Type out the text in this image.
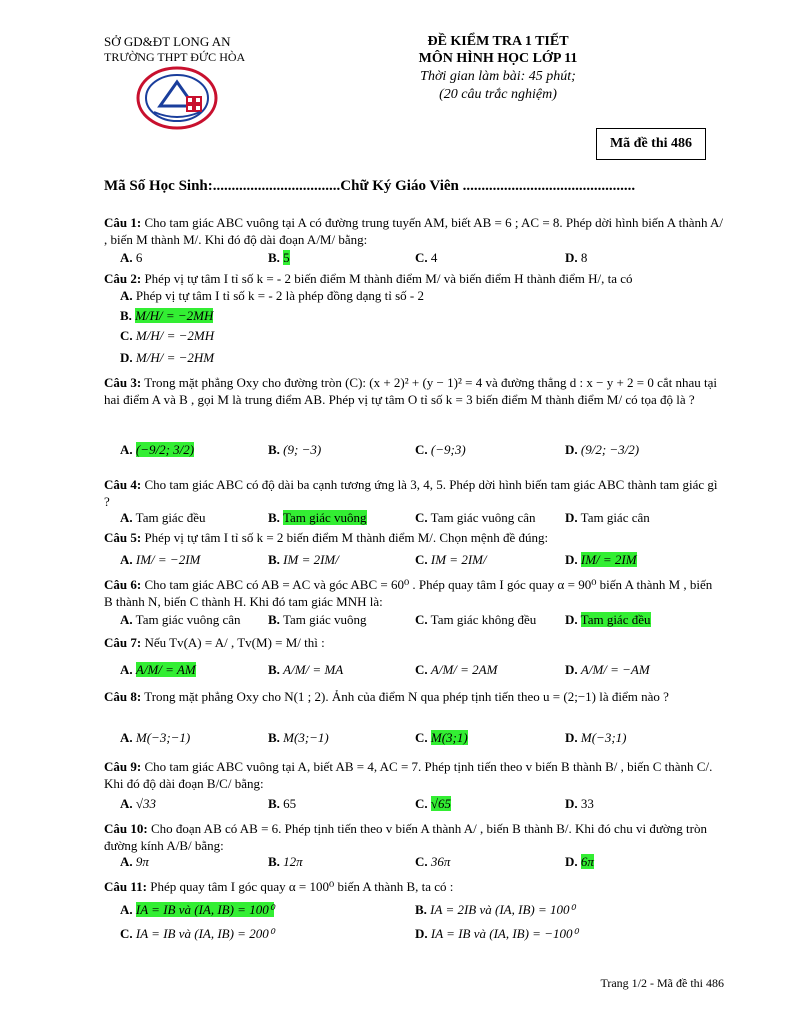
SỞ GD&ĐT LONG AN
TRƯỜNG THPT ĐỨC HÒA
ĐỀ KIỂM TRA 1 TIẾT
MÔN HÌNH HỌC LỚP 11
Thời gian làm bài: 45 phút;
(20 câu trắc nghiệm)
Mã đề thi 486
Mã Số Học Sinh:..................................Chữ Ký Giáo Viên ..............................................
Câu 1: Cho tam giác ABC vuông tại A có đường trung tuyến AM, biết AB = 6 ; AC = 8. Phép dời hình biến A thành A/ , biến M thành M/. Khi đó độ dài đoạn A/M/ bằng:
A. 6	B. 5	C. 4	D. 8
Câu 2: Phép vị tự tâm I tỉ số k = - 2 biến điểm M thành điểm M/ và biến điểm H thành điểm H/, ta có
A. Phép vị tự tâm I tỉ số k = - 2 là phép đồng dạng tỉ số - 2
B. M/H/ = −2MH
C. M/H/ = −2MH
D. M/H/ = −2HM
Câu 3: Trong mặt phẳng Oxy cho đường tròn (C): (x + 2)² + (y − 1)² = 4 và đường thẳng d : x − y + 2 = 0 cắt nhau tại hai điểm A và B , gọi M là trung điểm AB. Phép vị tự tâm O tỉ số k = 3 biến điểm M thành điểm M/ có tọa độ là ?
A. (−9/2; 3/2)	B. (9; −3)	C. (−9;3)	D. (9/2; −3/2)
Câu 4: Cho tam giác ABC có độ dài ba cạnh tương ứng là 3, 4, 5. Phép dời hình biến tam giác ABC thành tam giác gì ?
A. Tam giác đều	B. Tam giác vuông	C. Tam giác vuông cân D. Tam giác cân
Câu 5: Phép vị tự tâm I tỉ số k = 2 biến điểm M thành điểm M/. Chọn mệnh đề đúng:
A. IM/ = −2IM	B. IM = 2IM/	C. IM = 2IM/	D. IM/ = 2IM
Câu 6: Cho tam giác ABC có AB = AC và góc ABC = 60⁰ . Phép quay tâm I góc quay α = 90⁰ biến A thành M , biến B thành N, biến C thành H. Khi đó tam giác MNH là:
A. Tam giác vuông cân B. Tam giác vuông	C. Tam giác không đều D. Tam giác đều
Câu 7: Nếu Tv(A) = A/ , Tv(M) = M/ thì :
A. A/M/ = AM	B. A/M/ = MA	C. A/M/ = 2AM	D. A/M/ = −AM
Câu 8: Trong mặt phẳng Oxy cho N(1 ; 2). Ảnh của điểm N qua phép tịnh tiến theo u = (2;−1) là điểm nào ?
A. M(−3;−1)	B. M(3;−1)	C. M(3;1)	D. M(−3;1)
Câu 9: Cho tam giác ABC vuông tại A, biết AB = 4, AC = 7. Phép tịnh tiến theo v biến B thành B/ , biến C thành C/. Khi đó độ dài đoạn B/C/ bằng:
A. √33	B. 65	C. √65	D. 33
Câu 10: Cho đoạn AB có AB = 6. Phép tịnh tiến theo v biến A thành A/ , biến B thành B/. Khi đó chu vi đường tròn đường kính A/B/ bằng:
A. 9π	B. 12π	C. 36π	D. 6π
Câu 11: Phép quay tâm I góc quay α = 100⁰ biến A thành B, ta có :
A. IA = IB và (IA, IB) = 100⁰	B. IA = 2IB và (IA, IB) = 100⁰
C. IA = IB và (IA, IB) = 200⁰	D. IA = IB và (IA, IB) = −100⁰
Trang 1/2 - Mã đề thi 486
